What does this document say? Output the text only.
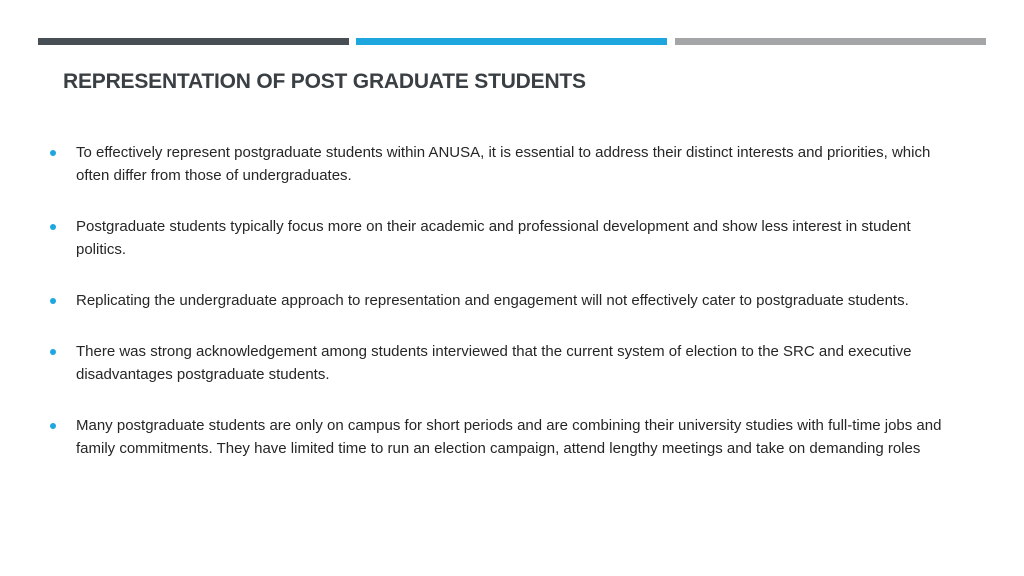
REPRESENTATION OF POST GRADUATE STUDENTS
To effectively represent postgraduate students within ANUSA, it is essential to address their distinct interests and priorities, which often differ from those of undergraduates.
Postgraduate students typically focus more on their academic and professional development and show less interest in student politics.
Replicating the undergraduate approach to representation and engagement will not effectively cater to postgraduate students.
There was strong acknowledgement among students interviewed that the current system of election to the SRC and executive disadvantages postgraduate students.
Many postgraduate students are only on campus for short periods and are combining their university studies with full-time jobs and family commitments. They have limited time to run an election campaign, attend lengthy meetings and take on demanding roles
